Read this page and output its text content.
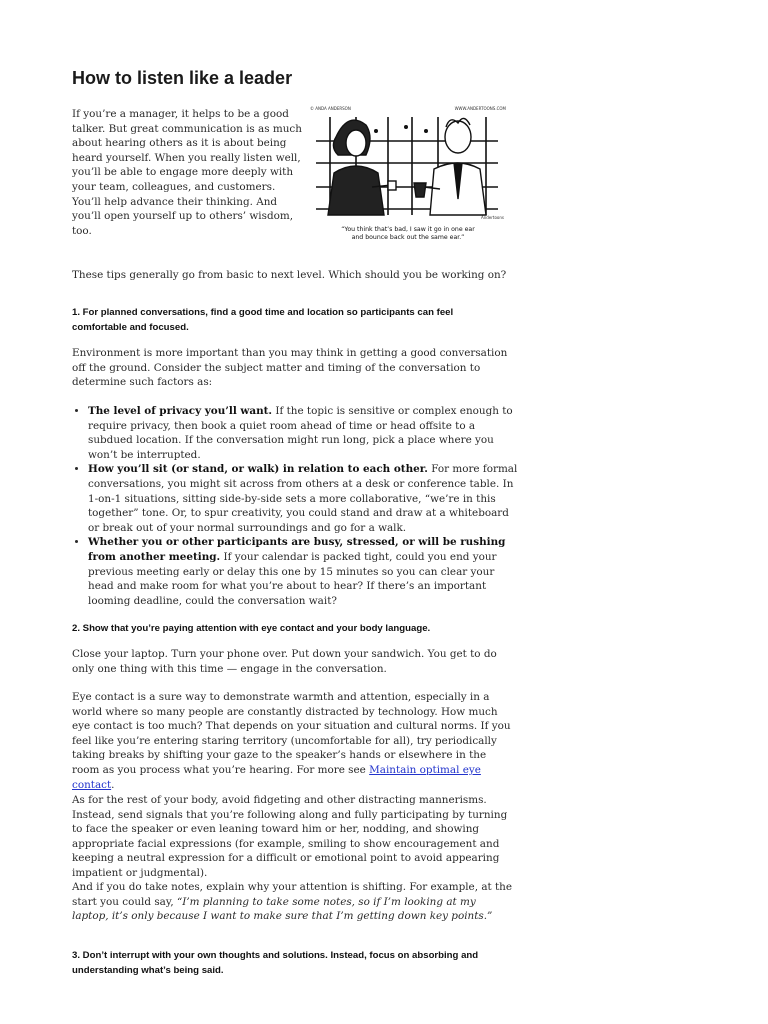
How to listen like a leader

If you’re a manager, it helps to be a good talker. But great communication is as much about hearing others as it is about being heard yourself. When you really listen well, you’ll be able to engage more deeply with your team, colleagues, and customers. You’ll help advance their thinking. And you’ll open yourself up to others’ wisdom, too.

© ANDA ANDERSON	WWW.ANDERTOONS.COM
Andertoons
“You think that’s bad, I saw it go in one ear
and bounce back out the same ear.”

These tips generally go from basic to next level. Which should you be working on?

1. For planned conversations, find a good time and location so participants can feel comfortable and focused.

Environment is more important than you may think in getting a good conversation off the ground. Consider the subject matter and timing of the conversation to determine such factors as:

• The level of privacy you’ll want. If the topic is sensitive or complex enough to require privacy, then book a quiet room ahead of time or head offsite to a subdued location. If the conversation might run long, pick a place where you won’t be interrupted.
• How you’ll sit (or stand, or walk) in relation to each other. For more formal conversations, you might sit across from others at a desk or conference table. In 1-on-1 situations, sitting side-by-side sets a more collaborative, “we’re in this together” tone. Or, to spur creativity, you could stand and draw at a whiteboard or break out of your normal surroundings and go for a walk.
• Whether you or other participants are busy, stressed, or will be rushing from another meeting. If your calendar is packed tight, could you end your previous meeting early or delay this one by 15 minutes so you can clear your head and make room for what you’re about to hear? If there’s an important looming deadline, could the conversation wait?

2. Show that you’re paying attention with eye contact and your body language.

Close your laptop. Turn your phone over. Put down your sandwich. You get to do only one thing with this time — engage in the conversation.

Eye contact is a sure way to demonstrate warmth and attention, especially in a world where so many people are constantly distracted by technology. How much eye contact is too much? That depends on your situation and cultural norms. If you feel like you’re entering staring territory (uncomfortable for all), try periodically taking breaks by shifting your gaze to the speaker’s hands or elsewhere in the room as you process what you’re hearing. For more see Maintain optimal eye contact.

As for the rest of your body, avoid fidgeting and other distracting mannerisms. Instead, send signals that you’re following along and fully participating by turning to face the speaker or even leaning toward him or her, nodding, and showing appropriate facial expressions (for example, smiling to show encouragement and keeping a neutral expression for a difficult or emotional point to avoid appearing impatient or judgmental).

And if you do take notes, explain why your attention is shifting. For example, at the start you could say, “I’m planning to take some notes, so if I’m looking at my laptop, it’s only because I want to make sure that I’m getting down key points.”

3. Don’t interrupt with your own thoughts and solutions. Instead, focus on absorbing and understanding what’s being said.
